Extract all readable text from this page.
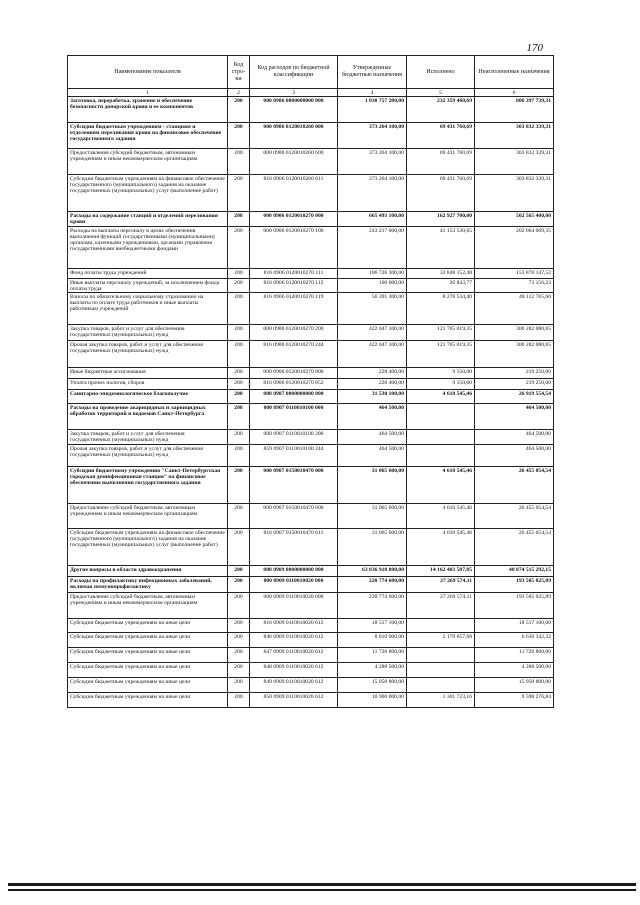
170
Наименование показателя	Код стро-ки	Код расходов по бюджетной классификации	Утвержденные бюджетные назначения	Исполнено	Неисполненные назначения
1	2	3	4	5	6
Заготовка, переработка, хранение и обеспечение безопасности донорской крови и ее компонентов	200	000 0906 0000000000 000	1 038 757 200,00	232 359 460,69	806 397 739,31
Субсидии бюджетным учреждениям - станциям и отделениям переливания крови на финансовое обеспечение государственного задания	200	000 0906 0120010260 000	373 264 100,00	69 431 760,69	303 832 339,31
Предоставление субсидий бюджетным, автономным учреждениям и иным некоммерческим организациям	200	000 0906 0120010260 600	373 264 100,00	69 431 760,69	303 832 339,31
Субсидии бюджетным учреждениям на финансовое обеспечение государственного (муниципального) задания на оказание государственных (муниципальных) услуг (выполнение работ)	200	816 0906 0120010260 611	373 264 100,00	69 431 760,69	303 832 339,31
Расходы на содержание станций и отделений переливания крови	200	000 0906 0120010270 000	665 493 100,00	162 927 700,00	502 565 400,00
Расходы на выплаты персоналу в целях обеспечения выполнения функций государственными (муниципальными) органами, казенными учреждениями, органами управления государственными внебюджетными фондами	200	000 0906 0120010270 100	243 217 600,00	41 153 530,65	202 064 069,35
Фонд оплаты труда учреждений	200	816 0906 0120010270 111	186 726 300,00	32 848 152,48	153 878 147,52
Иные выплаты персоналу учреждений, за исключением фонда оплаты труда	200	816 0906 0120010270 112	100 000,00	26 843,77	73 156,23
Взносы по обязательному социальному страхованию на выплаты по оплате труда работников и иные выплаты работникам учреждений	200	816 0906 0120010270 119	56 391 300,00	8 278 534,40	48 112 765,60
Закупка товаров, работ и услуг для обеспечения государственных (муниципальных) нужд	200	000 0906 0120010270 200	422 047 100,00	121 765 019,35	300 282 080,65
Прочая закупка товаров, работ и услуг для обеспечения государственных (муниципальных) нужд	200	816 0906 0120010270 244	422 047 100,00	121 765 019,35	300 282 080,65
Иные бюджетные ассигнования	200	000 0906 0120010270 800	228 400,00	9 150,00	219 250,00
Уплата прочих налогов, сборов	200	816 0906 0120010270 852	228 400,00	9 150,00	219 250,00
Санитарно-эпидемиологическое благополучие	200	000 0907 0000000000 000	31 530 100,00	4 610 545,46	26 919 554,54
Расходы на проведение акарицидных и ларвицидных обработок территорий и водоемов Санкт-Петербурга	200	000 0907 0110010100 000	464 500,00		464 500,00
Закупка товаров, работ и услуг для обеспечения государственных (муниципальных) нужд	200	000 0907 0110010100 200	464 500,00		464 500,00
Прочая закупка товаров, работ и услуг для обеспечения государственных (муниципальных) нужд	200	859 0907 0110010100 244	464 500,00		464 500,00
Субсидии бюджетному учреждению "Санкт-Петербургская городская дезинфекционная станция" на финансовое обеспечение выполнения государственного задания	200	000 0907 0150010470 000	31 065 600,00	4 610 545,46	26 455 054,54
Предоставление субсидий бюджетным, автономным учреждениям и иным некоммерческим организациям	200	000 0907 0150010470 600	31 065 600,00	4 610 545,46	26 455 054,54
Субсидии бюджетным учреждениям на финансовое обеспечение государственного (муниципального) задания на оказание государственных (муниципальных) услуг (выполнение работ)	200	816 0907 0150010470 611	31 065 600,00	4 610 545,46	26 455 054,54
Другие вопросы в области здравоохранения	200	000 0909 0000000000 000	63 036 918 800,00	14 162 403 507,85	48 874 515 292,15
Расходы на профилактику инфекционных заболеваний, включая иммунопрофилактику	200	000 0909 0110010020 000	220 774 600,00	27 269 574,11	193 505 025,89
Предоставление субсидий бюджетным, автономным учреждениям и иным некоммерческим организациям	200	000 0909 0110010020 600	220 774 600,00	27 269 574,11	193 505 025,89
Субсидии бюджетным учреждениям на иные цели	200	816 0909 0110010020 612	18 517 100,00		18 517 100,00
Субсидии бюджетным учреждениям на иные цели	200	846 0909 0110010020 612	8 810 000,00	2 179 657,68	6 630 342,32
Субсидии бюджетным учреждениям на иные цели	200	847 0909 0110010020 612	11 726 800,00		11 726 800,00
Субсидии бюджетным учреждениям на иные цели	200	848 0909 0110010020 612	4 288 500,00		4 288 500,00
Субсидии бюджетным учреждениям на иные цели	200	849 0909 0110010020 612	15 950 800,00		15 950 800,00
Субсидии бюджетным учреждениям на иные цели	200	850 0909 0110010020 612	10 900 000,00	1 301 723,16	9 598 276,84
